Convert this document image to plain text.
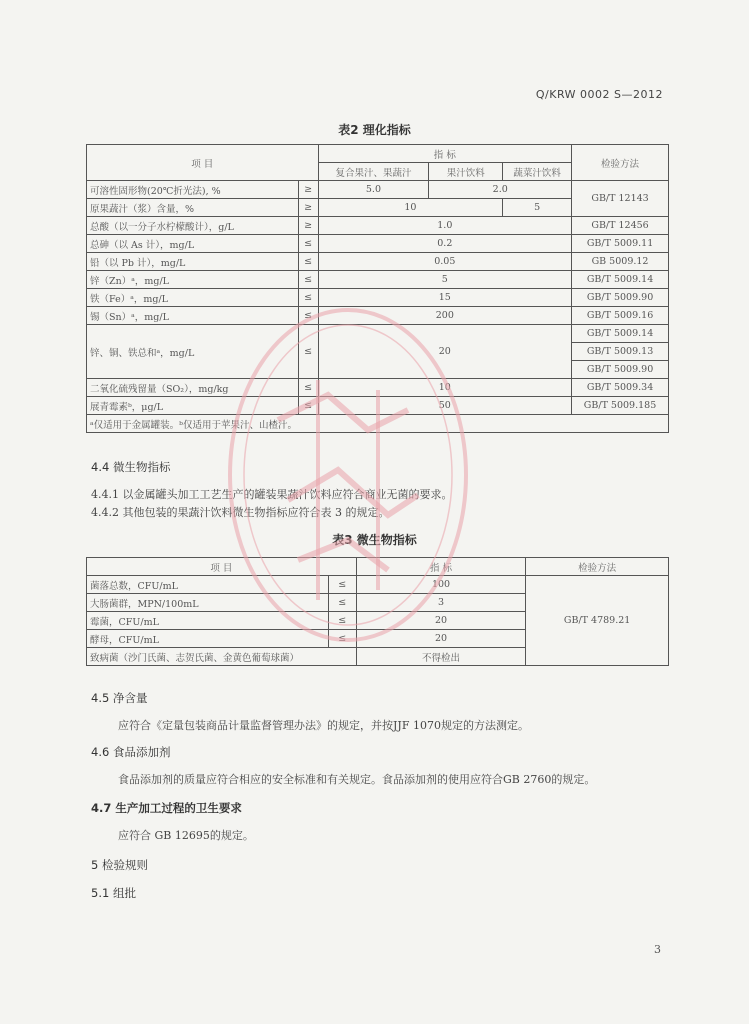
Q/KRW 0002 S—2012
表2 理化指标
项 目		指 标			检验方法
		复合果汁、果蔬汁	果汁饮料	蔬菜汁饮料	
可溶性固形物(20℃折光法), %	≥	5.0	2.0		GB/T 12143
原果蔬汁（浆）含量，%	≥	10		5	
总酸（以一分子水柠檬酸计），g/L	≥	1.0			GB/T 12456
总砷（以 As 计），mg/L	≤	0.2			GB/T 5009.11
铅（以 Pb 计），mg/L	≤	0.05			GB 5009.12
锌（Zn）ᵃ，mg/L	≤	5			GB/T 5009.14
铁（Fe）ᵃ，mg/L	≤	15			GB/T 5009.90
锡（Sn）ᵃ，mg/L	≤	200			GB/T 5009.16
锌、铜、铁总和ᵃ，mg/L	≤	20			GB/T 5009.14
					GB/T 5009.13
					GB/T 5009.90
二氧化硫残留量（SO₂），mg/kg	≤	10			GB/T 5009.34
展青霉素ᵇ，μg/L	≤	50			GB/T 5009.185
ᵃ仅适用于金属罐装。ᵇ仅适用于苹果汁、山楂汁。					
4.4 微生物指标
4.4.1 以金属罐头加工工艺生产的罐装果蔬汁饮料应符合商业无菌的要求。
4.4.2 其他包装的果蔬汁饮料微生物指标应符合表 3 的规定。
表3 微生物指标
项 目		指 标	检验方法
菌落总数，CFU/mL	≤	100	GB/T 4789.21
大肠菌群，MPN/100mL	≤	3	
霉菌，CFU/mL	≤	20	
酵母，CFU/mL	≤	20	
致病菌（沙门氏菌、志贺氏菌、金黄色葡萄球菌）		不得检出	
4.5 净含量
应符合《定量包装商品计量监督管理办法》的规定，并按JJF 1070规定的方法测定。
4.6 食品添加剂
食品添加剂的质量应符合相应的安全标准和有关规定。食品添加剂的使用应符合GB 2760的规定。
4.7 生产加工过程的卫生要求
应符合 GB 12695的规定。
5 检验规则
5.1 组批
3
